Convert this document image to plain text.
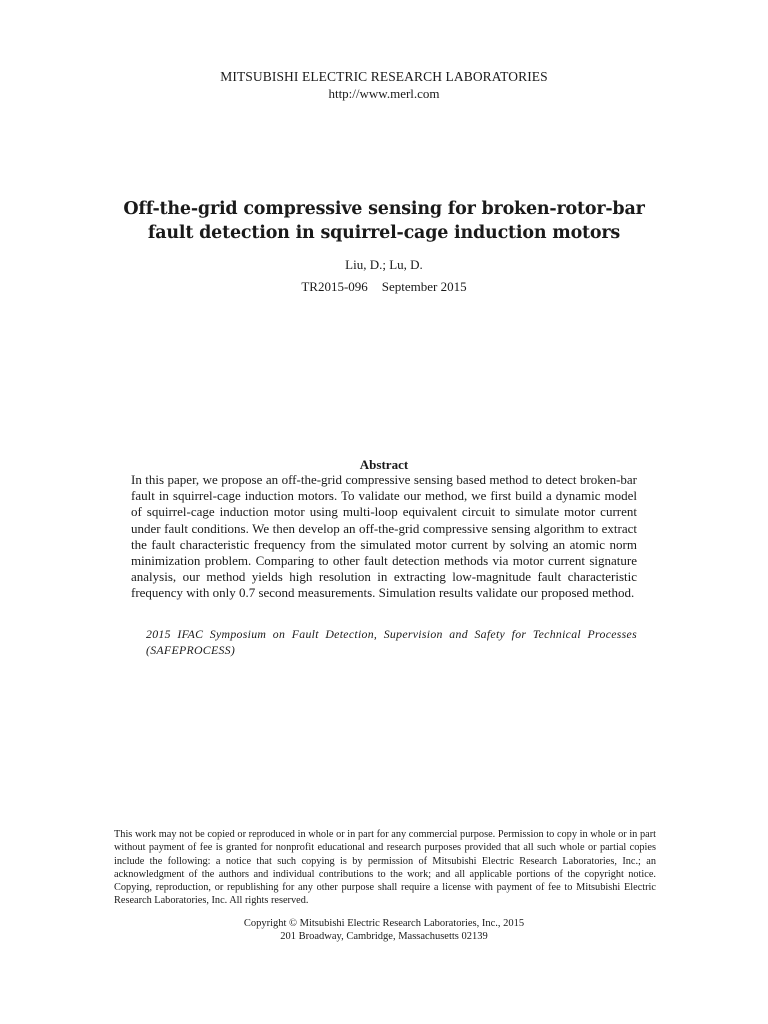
MITSUBISHI ELECTRIC RESEARCH LABORATORIES
http://www.merl.com
Off-the-grid compressive sensing for broken-rotor-bar fault detection in squirrel-cage induction motors
Liu, D.; Lu, D.
TR2015-096 September 2015
Abstract
In this paper, we propose an off-the-grid compressive sensing based method to detect broken-bar fault in squirrel-cage induction motors. To validate our method, we first build a dynamic model of squirrel-cage induction motor using multi-loop equivalent circuit to simulate motor current under fault conditions. We then develop an off-the-grid compressive sensing algorithm to extract the fault characteristic frequency from the simulated motor current by solving an atomic norm minimization problem. Comparing to other fault detection methods via motor current signature analysis, our method yields high resolution in extracting low-magnitude fault characteristic frequency with only 0.7 second measurements. Simulation results validate our proposed method.
2015 IFAC Symposium on Fault Detection, Supervision and Safety for Technical Processes (SAFEPROCESS)
This work may not be copied or reproduced in whole or in part for any commercial purpose. Permission to copy in whole or in part without payment of fee is granted for nonprofit educational and research purposes provided that all such whole or partial copies include the following: a notice that such copying is by permission of Mitsubishi Electric Research Laboratories, Inc.; an acknowledgment of the authors and individual contributions to the work; and all applicable portions of the copyright notice. Copying, reproduction, or republishing for any other purpose shall require a license with payment of fee to Mitsubishi Electric Research Laboratories, Inc. All rights reserved.
Copyright © Mitsubishi Electric Research Laboratories, Inc., 2015
201 Broadway, Cambridge, Massachusetts 02139
